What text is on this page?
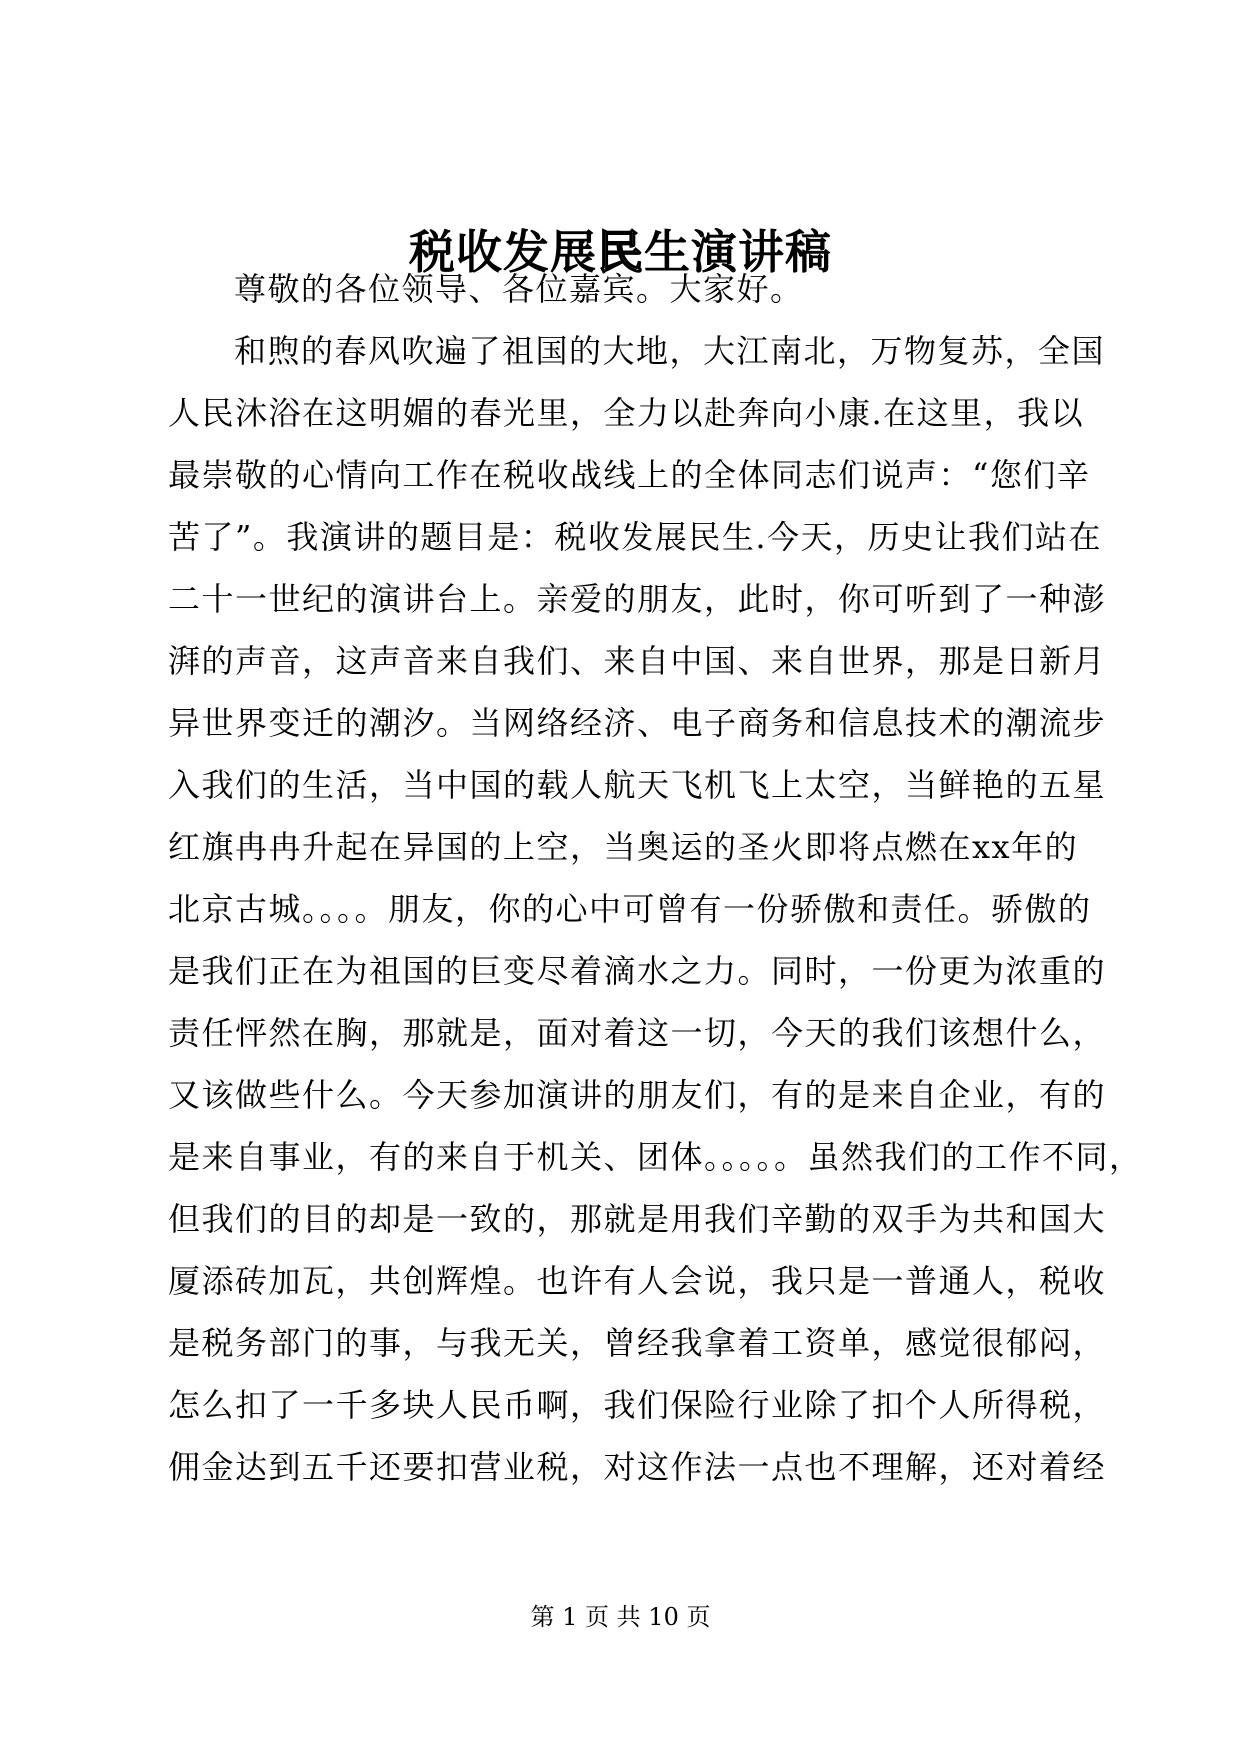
税收发展民生演讲稿
尊敬的各位领导、各位嘉宾。大家好。
和煦的春风吹遍了祖国的大地，大江南北，万物复苏，全国
人民沐浴在这明媚的春光里，全力以赴奔向小康.在这里，我以
最崇敬的心情向工作在税收战线上的全体同志们说声：“您们辛
苦了”。我演讲的题目是：税收发展民生.今天，历史让我们站在
二十一世纪的演讲台上。亲爱的朋友，此时，你可听到了一种澎
湃的声音，这声音来自我们、来自中国、来自世界，那是日新月
异世界变迁的潮汐。当网络经济、电子商务和信息技术的潮流步
入我们的生活，当中国的载人航天飞机飞上太空，当鲜艳的五星
红旗冉冉升起在异国的上空，当奥运的圣火即将点燃在xx年的
北京古城。。。。朋友，你的心中可曾有一份骄傲和责任。骄傲的
是我们正在为祖国的巨变尽着滴水之力。同时，一份更为浓重的
责任怦然在胸，那就是，面对着这一切，今天的我们该想什么，
又该做些什么。今天参加演讲的朋友们，有的是来自企业，有的
是来自事业，有的来自于机关、团体。。。。。虽然我们的工作不同，
但我们的目的却是一致的，那就是用我们辛勤的双手为共和国大
厦添砖加瓦，共创辉煌。也许有人会说，我只是一普通人，税收
是税务部门的事，与我无关，曾经我拿着工资单，感觉很郁闷，
怎么扣了一千多块人民币啊，我们保险行业除了扣个人所得税，
佣金达到五千还要扣营业税，对这作法一点也不理解，还对着经
第 1 页 共 10 页
